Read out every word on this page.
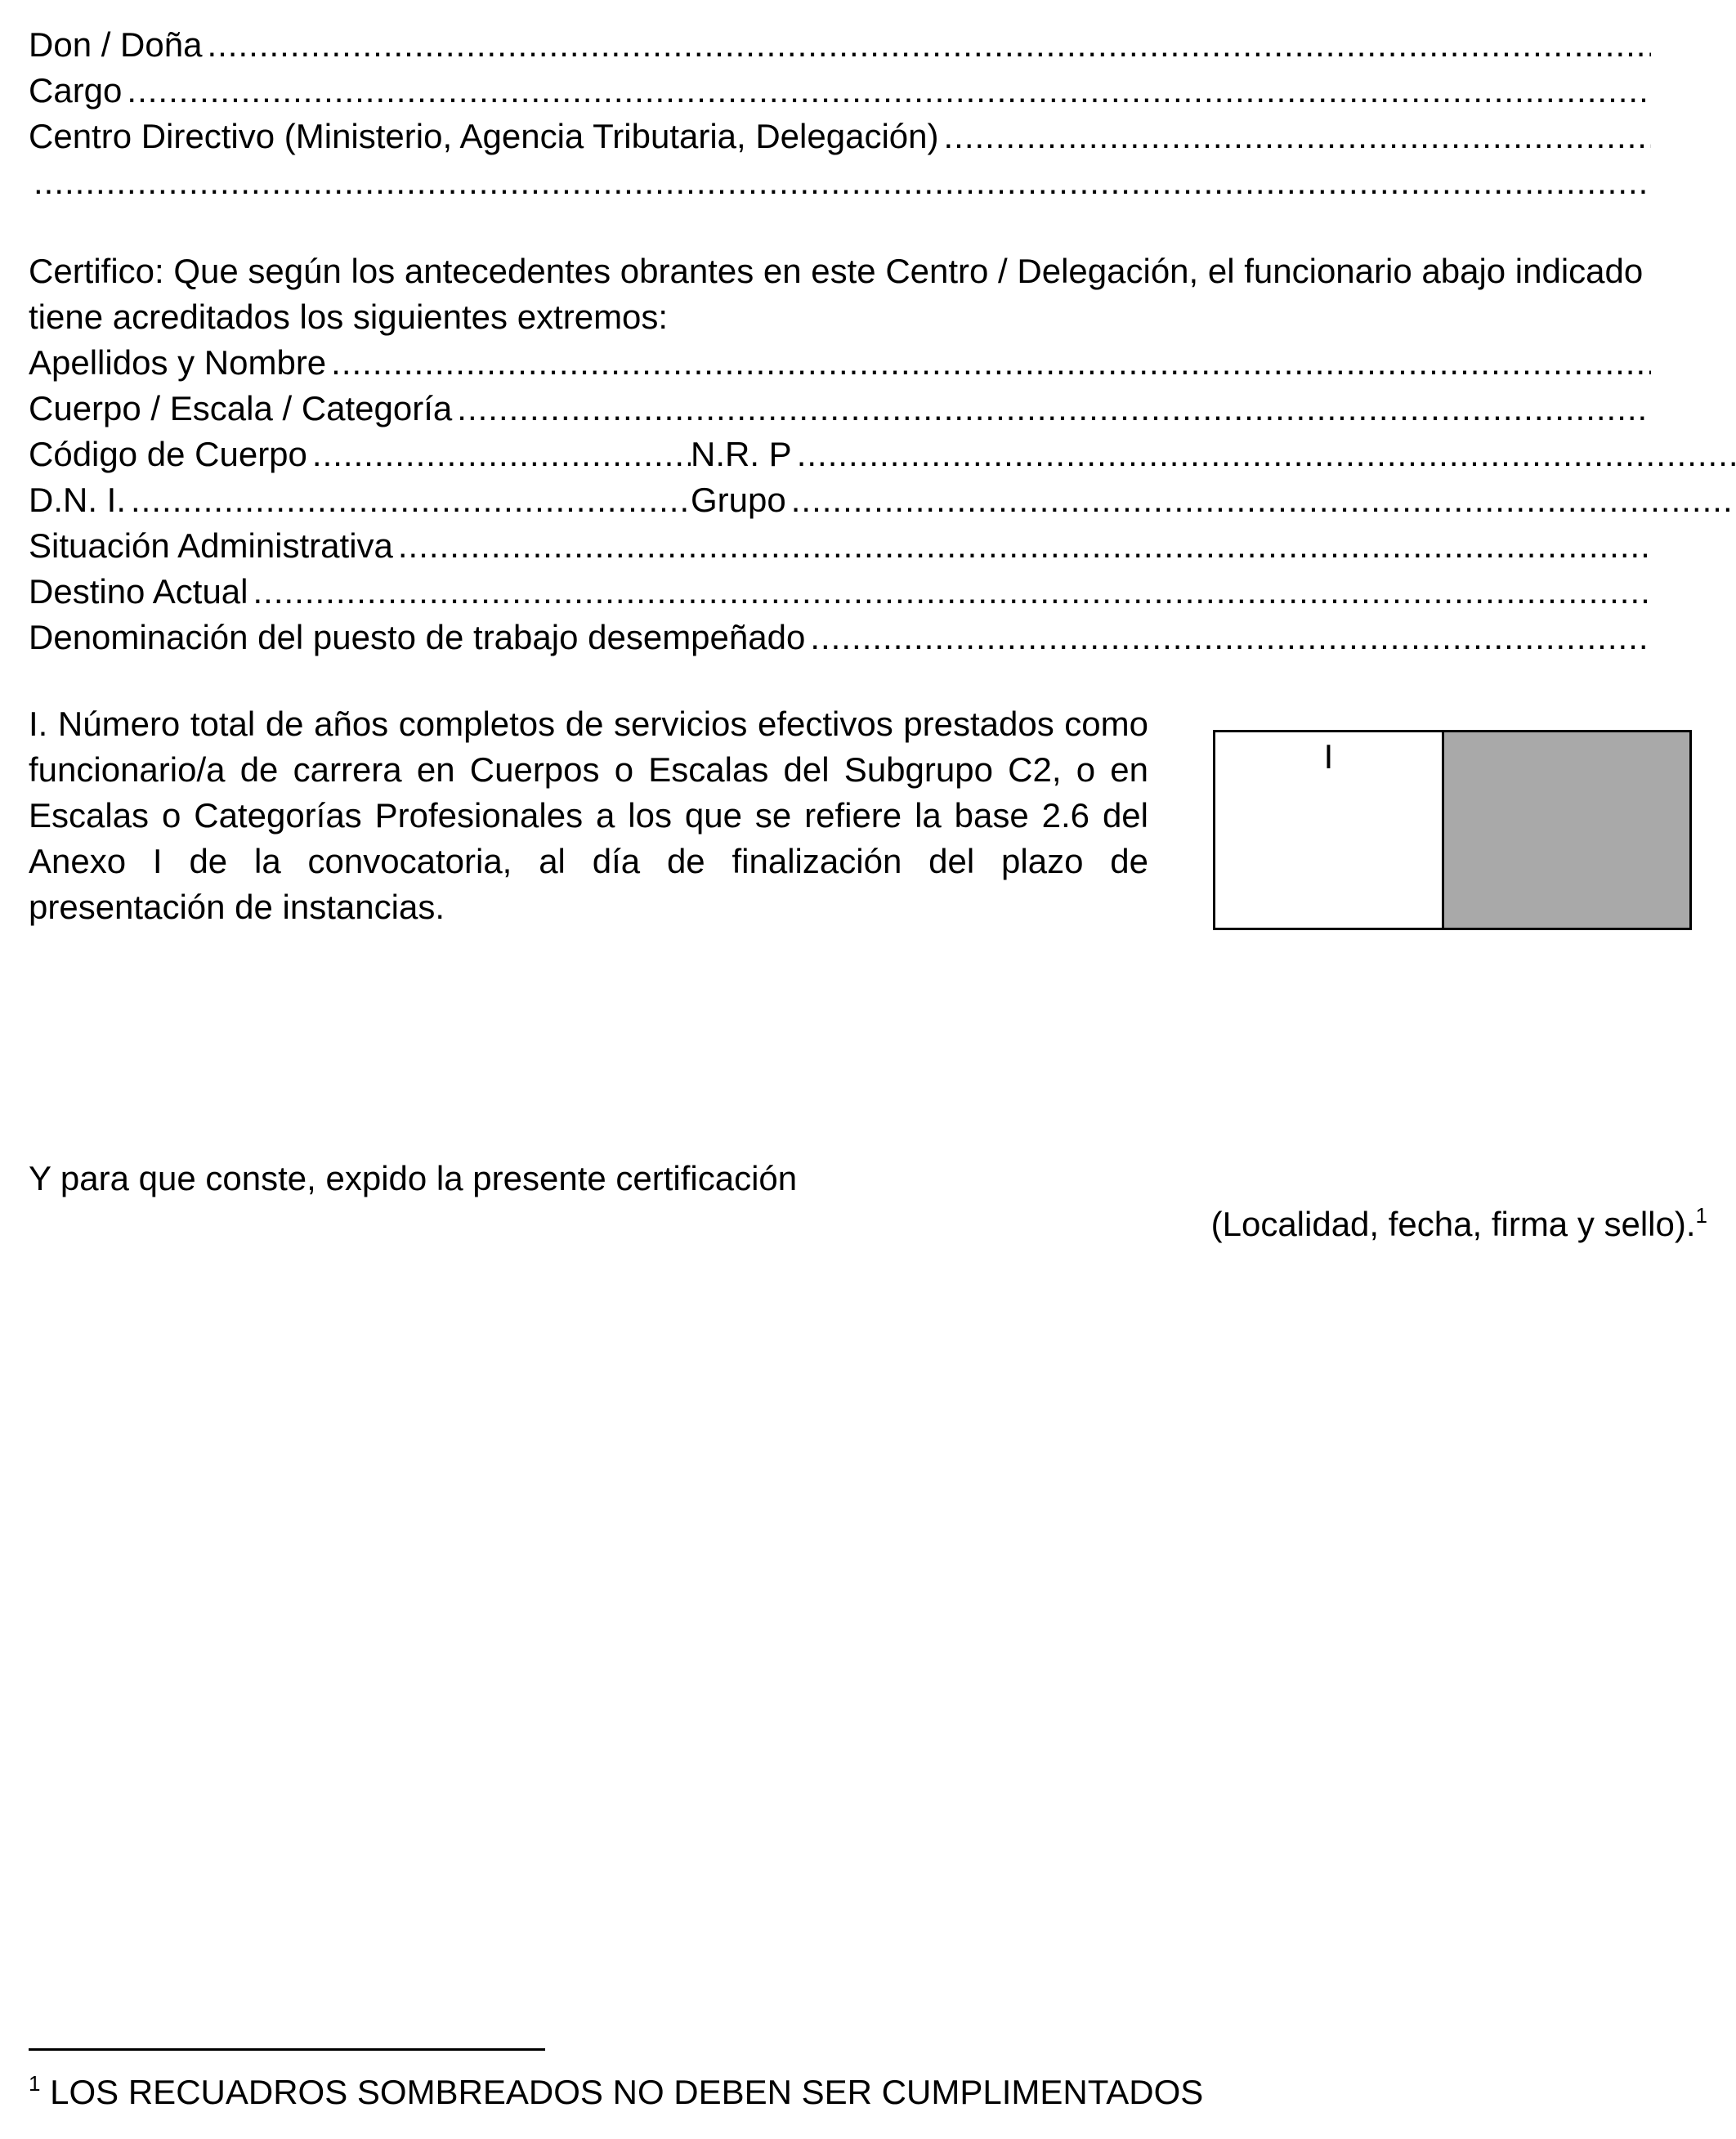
Don / Doña
.....
Cargo
.....
Centro Directivo (Ministerio, Agencia Tributaria, Delegación)
.....
.....
Certifico: Que según los antecedentes obrantes en este Centro / Delegación, el funcionario abajo indicado tiene acreditados los siguientes extremos:
Apellidos y Nombre
.....
Cuerpo / Escala / Categoría
.....
Código de Cuerpo .....	N.R. P
.....
D.N. I. .....	Grupo
.....
Situación Administrativa
.....
Destino Actual
.....
Denominación del puesto de trabajo desempeñado
.....
I. Número total de años completos de servicios efectivos prestados como funcionario/a de carrera en Cuerpos o Escalas del Subgrupo C2, o en Escalas o Categorías Profesionales a los que se refiere la base 2.6 del Anexo I de la convocatoria, al día de finalización del plazo de presentación de instancias.
I
Y para que conste, expido la presente certificación
(Localidad, fecha, firma y sello).$^1$
$^1$ LOS RECUADROS SOMBREADOS NO DEBEN SER CUMPLIMENTADOS
